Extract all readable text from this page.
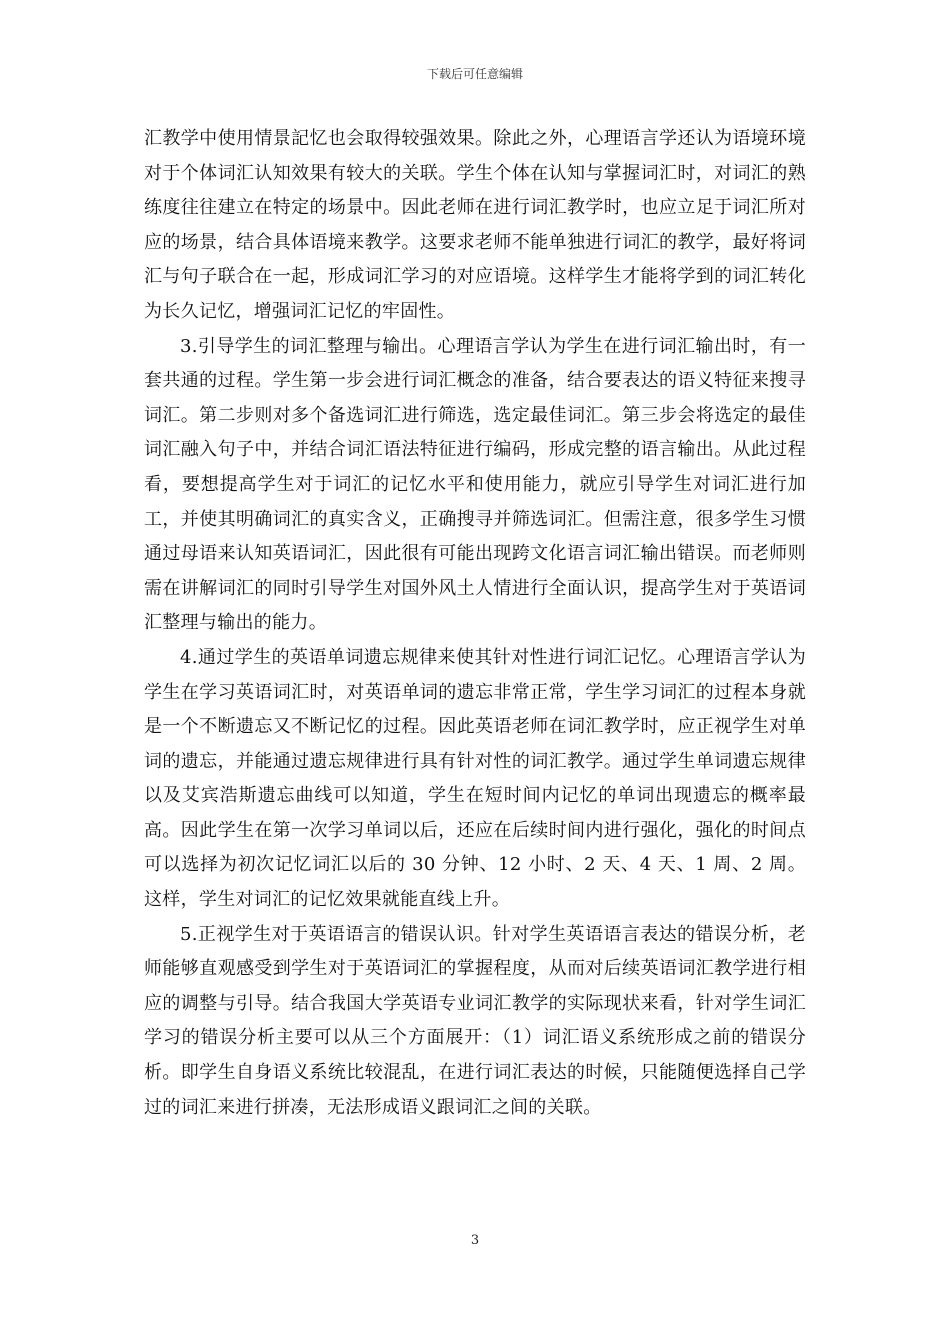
下载后可任意编辑

汇教学中使用情景記忆也会取得较强效果。除此之外，心理语言学还认为语境环境对于个体词汇认知效果有较大的关联。学生个体在认知与掌握词汇时，对词汇的熟练度往往建立在特定的场景中。因此老师在进行词汇教学时，也应立足于词汇所对应的场景，结合具体语境来教学。这要求老师不能单独进行词汇的教学，最好将词汇与句子联合在一起，形成词汇学习的对应语境。这样学生才能将学到的词汇转化为长久记忆，增强词汇记忆的牢固性。

3.引导学生的词汇整理与输出。心理语言学认为学生在进行词汇输出时，有一套共通的过程。学生第一步会进行词汇概念的准备，结合要表达的语义特征来搜寻词汇。第二步则对多个备选词汇进行筛选，选定最佳词汇。第三步会将选定的最佳词汇融入句子中，并结合词汇语法特征进行编码，形成完整的语言输出。从此过程看，要想提高学生对于词汇的记忆水平和使用能力，就应引导学生对词汇进行加工，并使其明确词汇的真实含义，正确搜寻并筛选词汇。但需注意，很多学生习惯通过母语来认知英语词汇，因此很有可能出现跨文化语言词汇输出错误。而老师则需在讲解词汇的同时引导学生对国外风土人情进行全面认识，提高学生对于英语词汇整理与输出的能力。

4.通过学生的英语单词遗忘规律来使其针对性进行词汇记忆。心理语言学认为学生在学习英语词汇时，对英语单词的遗忘非常正常，学生学习词汇的过程本身就是一个不断遗忘又不断记忆的过程。因此英语老师在词汇教学时，应正视学生对单词的遗忘，并能通过遗忘规律进行具有针对性的词汇教学。通过学生单词遗忘规律以及艾宾浩斯遗忘曲线可以知道，学生在短时间内记忆的单词出现遗忘的概率最高。因此学生在第一次学习单词以后，还应在后续时间内进行强化，强化的时间点可以选择为初次记忆词汇以后的 30 分钟、12 小时、2 天、4 天、1 周、2 周。这样，学生对词汇的记忆效果就能直线上升。

5.正视学生对于英语语言的错误认识。针对学生英语语言表达的错误分析，老师能够直观感受到学生对于英语词汇的掌握程度，从而对后续英语词汇教学进行相应的调整与引导。结合我国大学英语专业词汇教学的实际现状来看，针对学生词汇学习的错误分析主要可以从三个方面展开：（1）词汇语义系统形成之前的错误分析。即学生自身语义系统比较混乱，在进行词汇表达的时候，只能随便选择自己学过的词汇来进行拼凑，无法形成语义跟词汇之间的关联。

3
